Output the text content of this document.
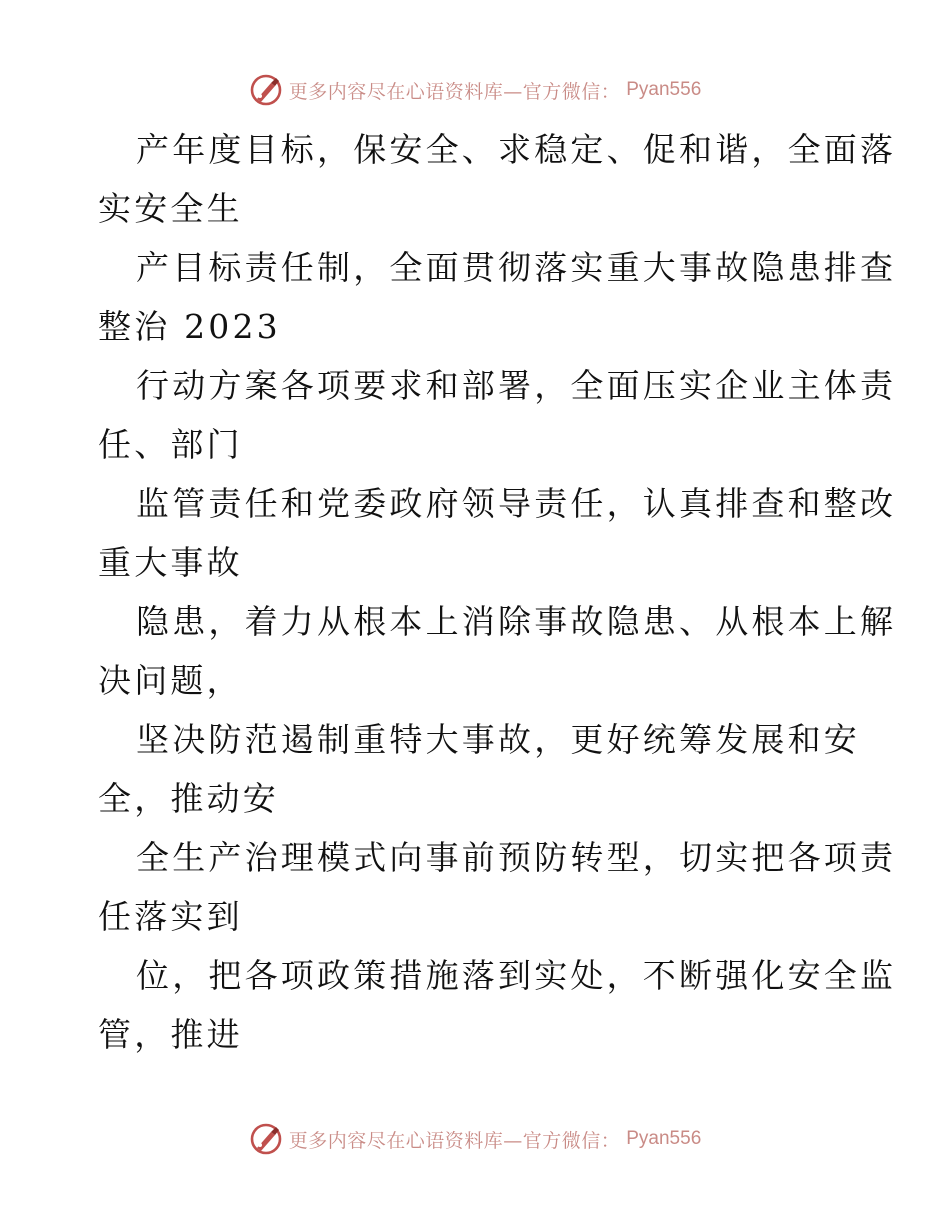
更多内容尽在心语资料库—官方微信： Pyan556
产年度目标，保安全、求稳定、促和谐，全面落
实安全生
产目标责任制，全面贯彻落实重大事故隐患排查
整治 2023
行动方案各项要求和部署，全面压实企业主体责
任、部门
监管责任和党委政府领导责任，认真排查和整改
重大事故
隐患，着力从根本上消除事故隐患、从根本上解
决问题，
坚决防范遏制重特大事故，更好统筹发展和安
全，推动安
全生产治理模式向事前预防转型，切实把各项责
任落实到
位，把各项政策措施落到实处，不断强化安全监
管，推进
更多内容尽在心语资料库—官方微信： Pyan556
